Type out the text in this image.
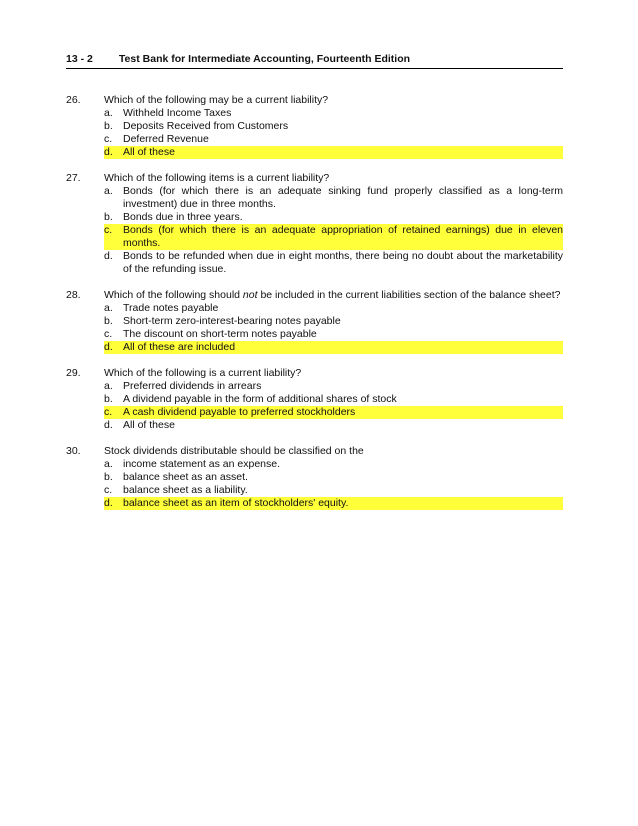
13 - 2 Test Bank for Intermediate Accounting, Fourteenth Edition
26.	Which of the following may be a current liability?
a. Withheld Income Taxes
b. Deposits Received from Customers
c.	Deferred Revenue
d. All of these
27.	Which of the following items is a current liability?
a. Bonds (for which there is an adequate sinking fund properly classified as a long-term investment) due in three months.
b. Bonds due in three years.
c.	Bonds (for which there is an adequate appropriation of retained earnings) due in eleven months.
d. Bonds to be refunded when due in eight months, there being no doubt about the marketability of the refunding issue.
28.	Which of the following should not be included in the current liabilities section of the balance sheet?
a. Trade notes payable
b. Short-term zero-interest-bearing notes payable
c.	The discount on short-term notes payable
d. All of these are included
29.	Which of the following is a current liability?
a. Preferred dividends in arrears
b. A dividend payable in the form of additional shares of stock
c.	A cash dividend payable to preferred stockholders
d. All of these
30.	Stock dividends distributable should be classified on the
a. income statement as an expense.
b. balance sheet as an asset.
c.	balance sheet as a liability.
d. balance sheet as an item of stockholders' equity.
